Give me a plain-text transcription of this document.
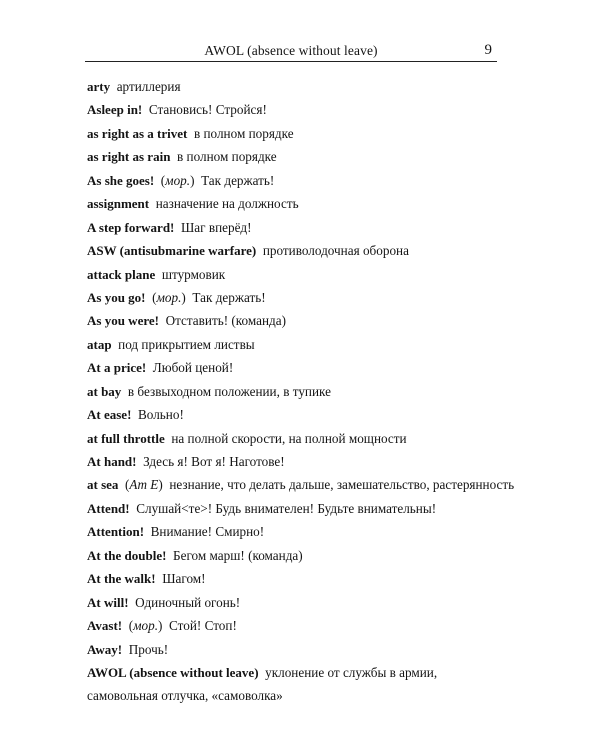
AWOL (absence without leave)	9
arty артиллерия
Asleep in! Становись! Стройся!
as right as a trivet в полном порядке
as right as rain в полном порядке
As she goes! (мор.) Так держать!
assignment назначение на должность
A step forward! Шаг вперёд!
ASW (antisubmarine warfare) противолодочная оборона
attack plane штурмовик
As you go! (мор.) Так держать!
As you were! Отставить! (команда)
atap под прикрытием листвы
At a price! Любой ценой!
at bay в безвыходном положении, в тупике
At ease! Вольно!
at full throttle на полной скорости, на полной мощности
At hand! Здесь я! Вот я! Наготове!
at sea (Am E) незнание, что делать дальше, замешательство, растерянность
Attend! Слушай<те>! Будь внимателен! Будьте внимательны!
Attention! Внимание! Смирно!
At the double! Бегом марш! (команда)
At the walk! Шагом!
At will! Одиночный огонь!
Avast! (мор.) Стой! Стоп!
Away! Прочь!
AWOL (absence without leave) уклонение от службы в армии,
самовольная отлучка, «самоволка»
